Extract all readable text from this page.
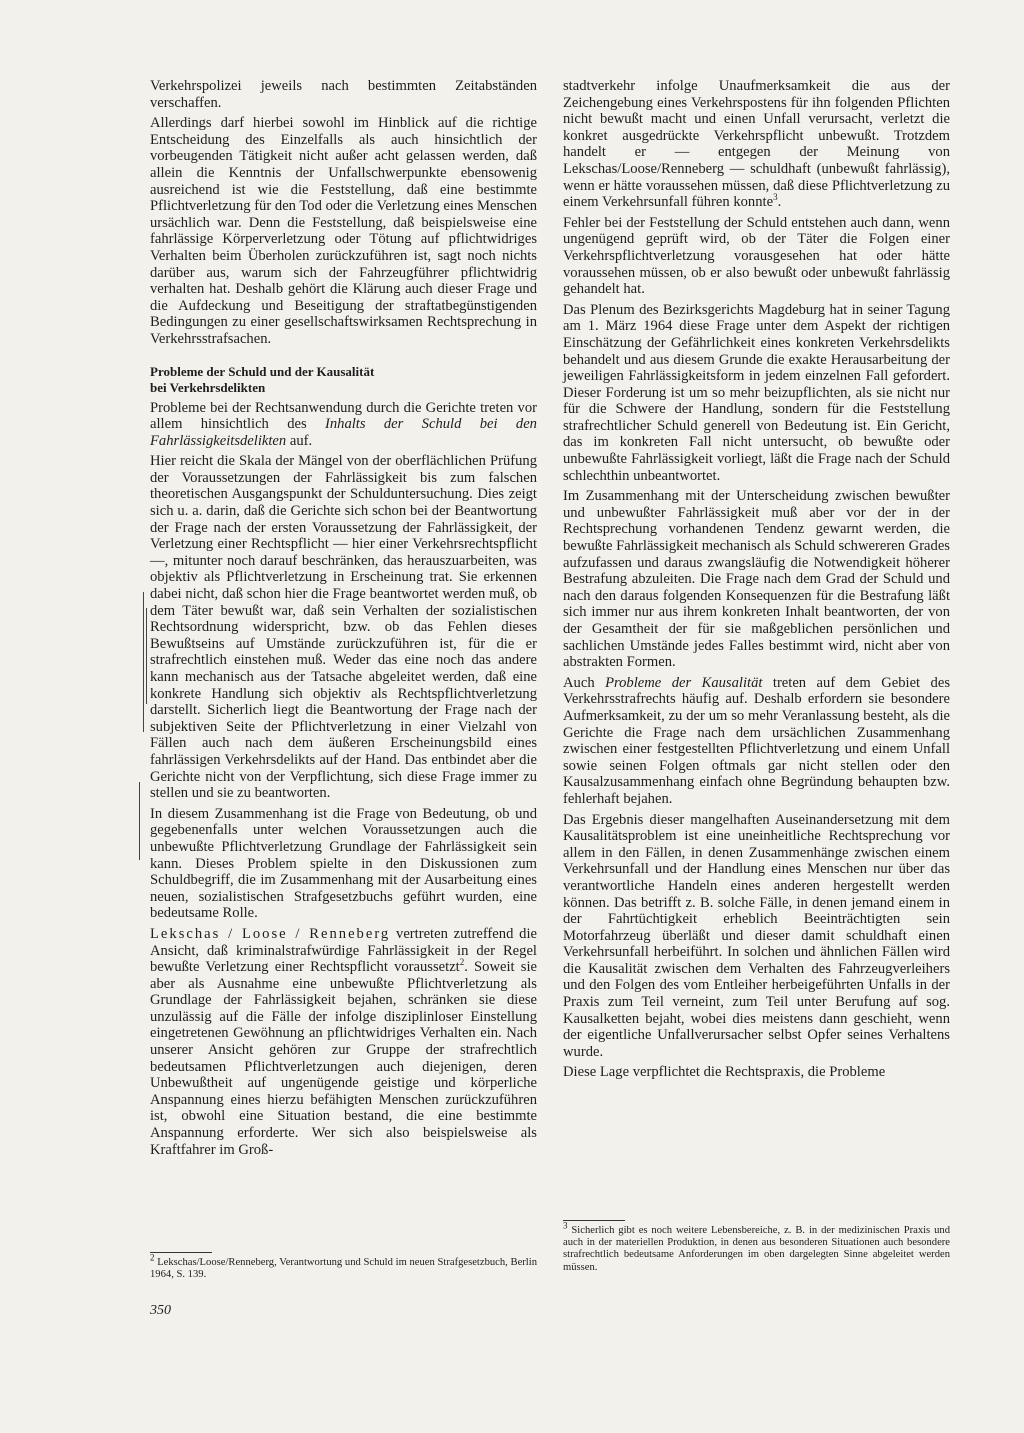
Verkehrspolizei jeweils nach bestimmten Zeitabständen verschaffen.

Allerdings darf hierbei sowohl im Hinblick auf die richtige Entscheidung des Einzelfalls als auch hinsichtlich der vorbeugenden Tätigkeit nicht außer acht gelassen werden, daß allein die Kenntnis der Unfallschwerpunkte ebensowenig ausreichend ist wie die Feststellung, daß eine bestimmte Pflichtverletzung für den Tod oder die Verletzung eines Menschen ursächlich war. Denn die Feststellung, daß beispielsweise eine fahrlässige Körperverletzung oder Tötung auf pflichtwidriges Verhalten beim Überholen zurückzuführen ist, sagt noch nichts darüber aus, warum sich der Fahrzeugführer pflichtwidrig verhalten hat. Deshalb gehört die Klärung auch dieser Frage und die Aufdeckung und Beseitigung der straftatbegünstigenden Bedingungen zu einer gesellschaftswirksamen Rechtsprechung in Verkehrsstrafsachen.

Probleme der Schuld und der Kausalität
bei Verkehrsdelikten

Probleme bei der Rechtsanwendung durch die Gerichte treten vor allem hinsichtlich des Inhalts der Schuld bei den Fahrlässigkeitsdelikten auf.

Hier reicht die Skala der Mängel von der oberflächlichen Prüfung der Voraussetzungen der Fahrlässigkeit bis zum falschen theoretischen Ausgangspunkt der Schulduntersuchung. Dies zeigt sich u. a. darin, daß die Gerichte sich schon bei der Beantwortung der Frage nach der ersten Voraussetzung der Fahrlässigkeit, der Verletzung einer Rechtspflicht — hier einer Verkehrsrechtspflicht —, mitunter noch darauf beschränken, das herauszuarbeiten, was objektiv als Pflichtverletzung in Erscheinung trat. Sie erkennen dabei nicht, daß schon hier die Frage beantwortet werden muß, ob dem Täter bewußt war, daß sein Verhalten der sozialistischen Rechtsordnung widerspricht, bzw. ob das Fehlen dieses Bewußtseins auf Umstände zurückzuführen ist, für die er strafrechtlich einstehen muß. Weder das eine noch das andere kann mechanisch aus der Tatsache abgeleitet werden, daß eine konkrete Handlung sich objektiv als Rechtspflichtverletzung darstellt. Sicherlich liegt die Beantwortung der Frage nach der subjektiven Seite der Pflichtverletzung in einer Vielzahl von Fällen auch nach dem äußeren Erscheinungsbild eines fahrlässigen Verkehrsdelikts auf der Hand. Das entbindet aber die Gerichte nicht von der Verpflichtung, sich diese Frage immer zu stellen und sie zu beantworten.

In diesem Zusammenhang ist die Frage von Bedeutung, ob und gegebenenfalls unter welchen Voraussetzungen auch die unbewußte Pflichtverletzung Grundlage der Fahrlässigkeit sein kann. Dieses Problem spielte in den Diskussionen zum Schuldbegriff, die im Zusammenhang mit der Ausarbeitung eines neuen, sozialistischen Strafgesetzbuchs geführt wurden, eine bedeutsame Rolle.

Lekschas / Loose / Renneberg vertreten zutreffend die Ansicht, daß kriminalstrafwürdige Fahrlässigkeit in der Regel bewußte Verletzung einer Rechtspflicht voraussetzt$^2$. Soweit sie aber als Ausnahme eine unbewußte Pflichtverletzung als Grundlage der Fahrlässigkeit bejahen, schränken sie diese unzulässig auf die Fälle der infolge disziplinloser Einstellung eingetretenen Gewöhnung an pflichtwidriges Verhalten ein. Nach unserer Ansicht gehören zur Gruppe der strafrechtlich bedeutsamen Pflichtverletzungen auch diejenigen, deren Unbewußtheit auf ungenügende geistige und körperliche Anspannung eines hierzu befähigten Menschen zurückzuführen ist, obwohl eine Situation bestand, die eine bestimmte Anspannung erforderte. Wer sich also beispielsweise als Kraftfahrer im Groß-

stadtverkehr infolge Unaufmerksamkeit die aus der Zeichengebung eines Verkehrspostens für ihn folgenden Pflichten nicht bewußt macht und einen Unfall verursacht, verletzt die konkret ausgedrückte Verkehrspflicht unbewußt. Trotzdem handelt er — entgegen der Meinung von Lekschas/Loose/Renneberg — schuldhaft (unbewußt fahrlässig), wenn er hätte voraussehen müssen, daß diese Pflichtverletzung zu einem Verkehrsunfall führen konnte$^3$.

Fehler bei der Feststellung der Schuld entstehen auch dann, wenn ungenügend geprüft wird, ob der Täter die Folgen einer Verkehrspflichtverletzung vorausgesehen hat oder hätte voraussehen müssen, ob er also bewußt oder unbewußt fahrlässig gehandelt hat.

Das Plenum des Bezirksgerichts Magdeburg hat in seiner Tagung am 1. März 1964 diese Frage unter dem Aspekt der richtigen Einschätzung der Gefährlichkeit eines konkreten Verkehrsdelikts behandelt und aus diesem Grunde die exakte Herausarbeitung der jeweiligen Fahrlässigkeitsform in jedem einzelnen Fall gefordert. Dieser Forderung ist um so mehr beizupflichten, als sie nicht nur für die Schwere der Handlung, sondern für die Feststellung strafrechtlicher Schuld generell von Bedeutung ist. Ein Gericht, das im konkreten Fall nicht untersucht, ob bewußte oder unbewußte Fahrlässigkeit vorliegt, läßt die Frage nach der Schuld schlechthin unbeantwortet.

Im Zusammenhang mit der Unterscheidung zwischen bewußter und unbewußter Fahrlässigkeit muß aber vor der in der Rechtsprechung vorhandenen Tendenz gewarnt werden, die bewußte Fahrlässigkeit mechanisch als Schuld schwereren Grades aufzufassen und daraus zwangsläufig die Notwendigkeit höherer Bestrafung abzuleiten. Die Frage nach dem Grad der Schuld und nach den daraus folgenden Konsequenzen für die Bestrafung läßt sich immer nur aus ihrem konkreten Inhalt beantworten, der von der Gesamtheit der für sie maßgeblichen persönlichen und sachlichen Umstände jedes Falles bestimmt wird, nicht aber von abstrakten Formen.

Auch Probleme der Kausalität treten auf dem Gebiet des Verkehrsstrafrechts häufig auf. Deshalb erfordern sie besondere Aufmerksamkeit, zu der um so mehr Veranlassung besteht, als die Gerichte die Frage nach dem ursächlichen Zusammenhang zwischen einer festgestellten Pflichtverletzung und einem Unfall sowie seinen Folgen oftmals gar nicht stellen oder den Kausalzusammenhang einfach ohne Begründung behaupten bzw. fehlerhaft bejahen.

Das Ergebnis dieser mangelhaften Auseinandersetzung mit dem Kausalitätsproblem ist eine uneinheitliche Rechtsprechung vor allem in den Fällen, in denen Zusammenhänge zwischen einem Verkehrsunfall und der Handlung eines Menschen nur über das verantwortliche Handeln eines anderen hergestellt werden können. Das betrifft z. B. solche Fälle, in denen jemand einem in der Fahrtüchtigkeit erheblich Beeinträchtigten sein Motorfahrzeug überläßt und dieser damit schuldhaft einen Verkehrsunfall herbeiführt. In solchen und ähnlichen Fällen wird die Kausalität zwischen dem Verhalten des Fahrzeugverleihers und den Folgen des vom Entleiher herbeigeführten Unfalls in der Praxis zum Teil verneint, zum Teil unter Berufung auf sog. Kausalketten bejaht, wobei dies meistens dann geschieht, wenn der eigentliche Unfallverursacher selbst Opfer seines Verhaltens wurde.

Diese Lage verpflichtet die Rechtspraxis, die Probleme

$^3$ Sicherlich gibt es noch weitere Lebensbereiche, z. B. in der medizinischen Praxis und auch in der materiellen Produktion, in denen aus besonderen Situationen auch besondere strafrechtlich bedeutsame Anforderungen im oben dargelegten Sinne abgeleitet werden müssen.

$^2$ Lekschas/Loose/Renneberg, Verantwortung und Schuld im neuen Strafgesetzbuch, Berlin 1964, S. 139.

350
